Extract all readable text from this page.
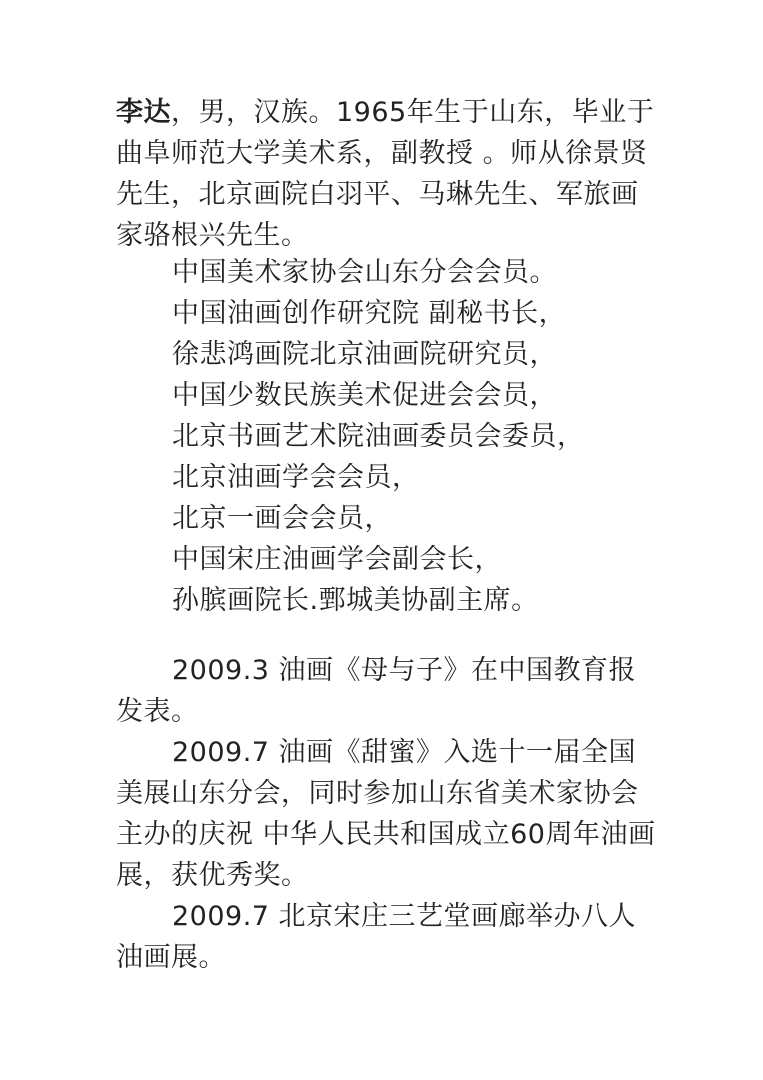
李达，男，汉族。1965年生于山东，毕业于曲阜师范大学美术系，副教授 。师从徐景贤先生，北京画院白羽平、马琳先生、军旅画家骆根兴先生。

中国美术家协会山东分会会员。
中国油画创作研究院 副秘书长，
徐悲鸿画院北京油画院研究员，
中国少数民族美术促进会会员，
北京书画艺术院油画委员会委员，
北京油画学会会员，
北京一画会会员，
中国宋庄油画学会副会长，
孙膑画院长.鄄城美协副主席。

2009.3 油画《母与子》在中国教育报发表。

2009.7 油画《甜蜜》入选十一届全国美展山东分会，同时参加山东省美术家协会主办的庆祝 中华人民共和国成立60周年油画展，获优秀奖。

2009.7 北京宋庄三艺堂画廊举办八人油画展。
